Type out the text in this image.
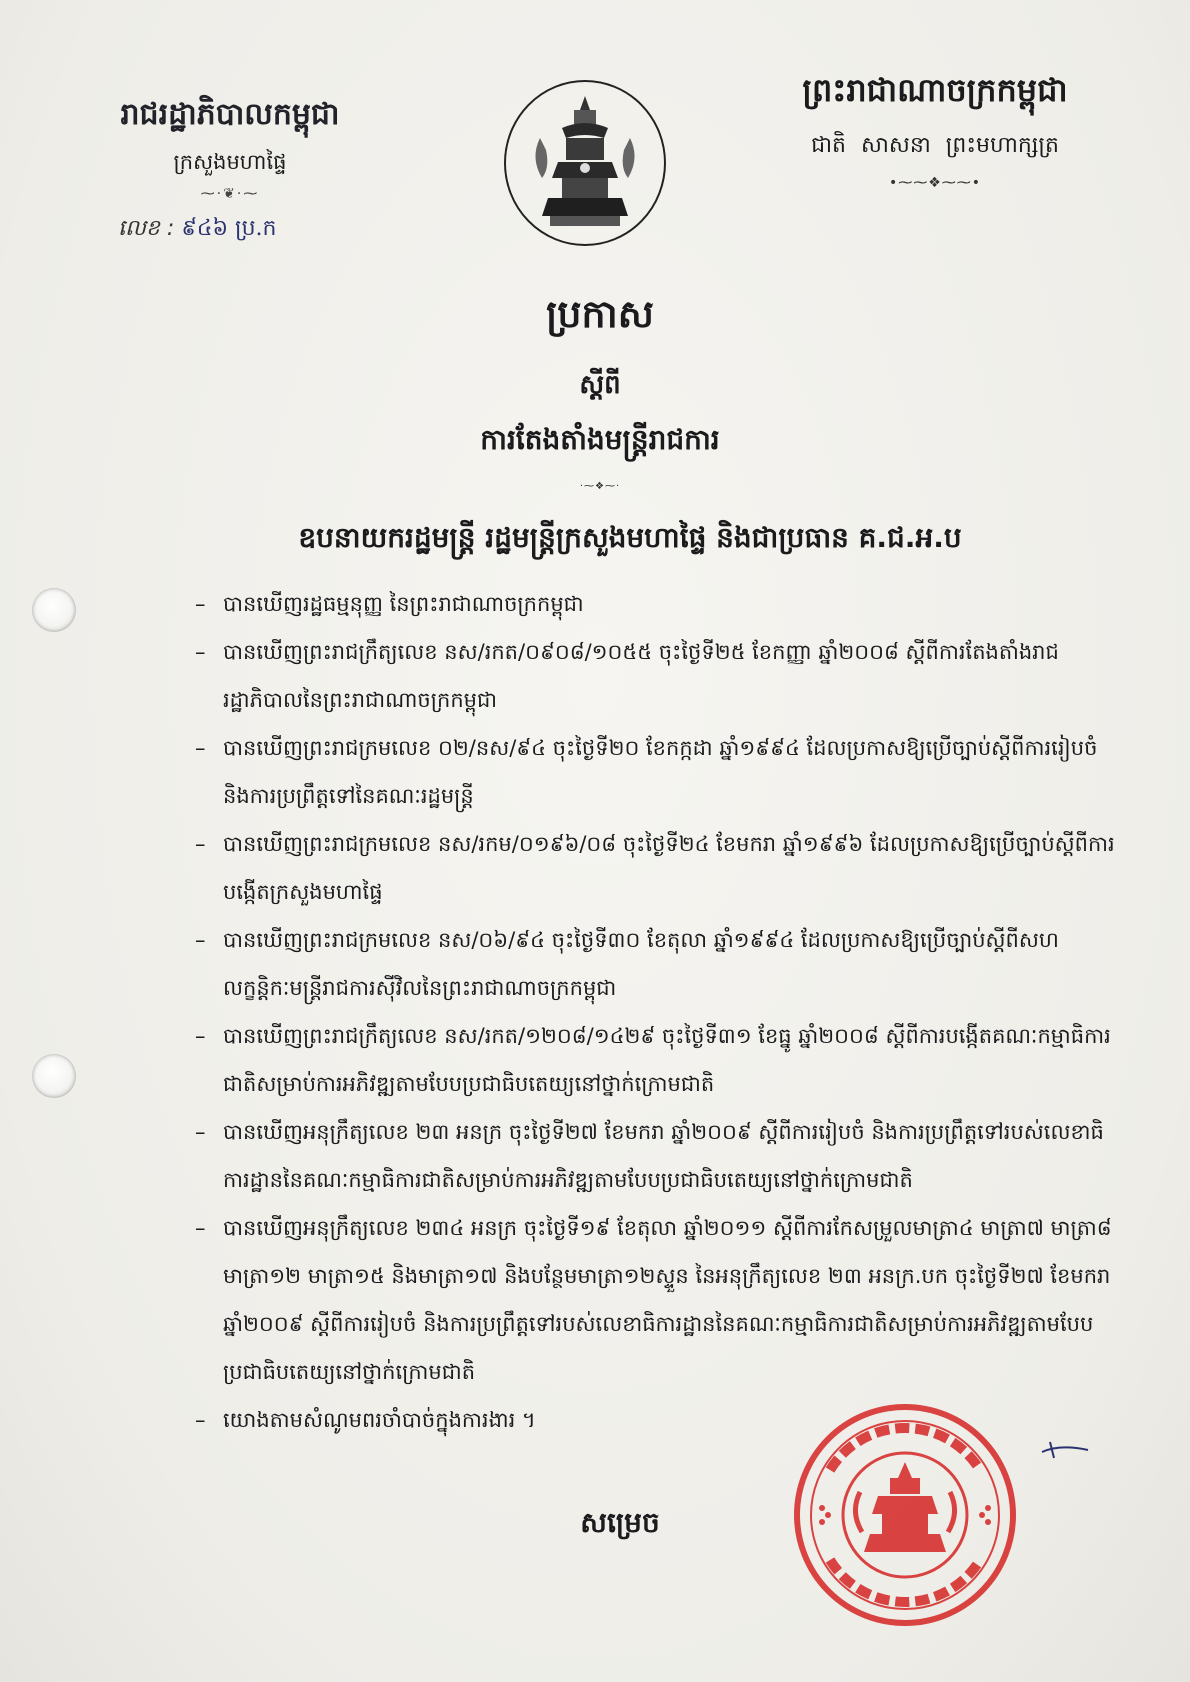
រាជរដ្ឋាភិបាលកម្ពុជា
ក្រសួងមហាផ្ទៃ
⁓·❦·⁓
លេខ : ៩៤៦ ប្រ.ក
ព្រះរាជាណាចក្រកម្ពុជា
ជាតិ សាសនា ព្រះមហាក្សត្រ
•⁓⁓❖⁓⁓•
ប្រកាស
ស្ដីពី
ការតែងតាំងមន្ត្រីរាជការ
·⁓❖⁓·
ឧបនាយករដ្ឋមន្ត្រី រដ្ឋមន្ត្រីក្រសួងមហាផ្ទៃ និងជាប្រធាន គ.ជ.អ.ប
– បានឃើញរដ្ឋធម្មនុញ្ញ នៃព្រះរាជាណាចក្រកម្ពុជា
– បានឃើញព្រះរាជក្រឹត្យលេខ នស/រកត/០៩០៨/១០៥៥ ចុះថ្ងៃទី២៥ ខែកញ្ញា ឆ្នាំ២០០៨ ស្ដីពីការតែងតាំងរាជរដ្ឋាភិបាលនៃព្រះរាជាណាចក្រកម្ពុជា
– បានឃើញព្រះរាជក្រមលេខ ០២/នស/៩៤ ចុះថ្ងៃទី២០ ខែកក្កដា ឆ្នាំ១៩៩៤ ដែលប្រកាសឱ្យប្រើច្បាប់ស្ដីពីការរៀបចំ និងការប្រព្រឹត្តទៅនៃគណៈរដ្ឋមន្ត្រី
– បានឃើញព្រះរាជក្រមលេខ នស/រកម/០១៩៦/០៨ ចុះថ្ងៃទី២៤ ខែមករា ឆ្នាំ១៩៩៦ ដែលប្រកាសឱ្យប្រើច្បាប់ស្ដីពីការបង្កើតក្រសួងមហាផ្ទៃ
– បានឃើញព្រះរាជក្រមលេខ នស/០៦/៩៤ ចុះថ្ងៃទី៣០ ខែតុលា ឆ្នាំ១៩៩៤ ដែលប្រកាសឱ្យប្រើច្បាប់ស្ដីពីសហលក្ខន្តិកៈមន្ត្រីរាជការស៊ីវិលនៃព្រះរាជាណាចក្រកម្ពុជា
– បានឃើញព្រះរាជក្រឹត្យលេខ នស/រកត/១២០៨/១៤២៩ ចុះថ្ងៃទី៣១ ខែធ្នូ ឆ្នាំ២០០៨ ស្ដីពីការបង្កើតគណៈកម្មាធិការជាតិសម្រាប់ការអភិវឌ្ឍតាមបែបប្រជាធិបតេយ្យនៅថ្នាក់ក្រោមជាតិ
– បានឃើញអនុក្រឹត្យលេខ ២៣ អនក្រ ចុះថ្ងៃទី២៧ ខែមករា ឆ្នាំ២០០៩ ស្ដីពីការរៀបចំ និងការប្រព្រឹត្តទៅរបស់លេខាធិការដ្ឋាននៃគណៈកម្មាធិការជាតិសម្រាប់ការអភិវឌ្ឍតាមបែបប្រជាធិបតេយ្យនៅថ្នាក់ក្រោមជាតិ
– បានឃើញអនុក្រឹត្យលេខ ២៣៤ អនក្រ ចុះថ្ងៃទី១៩ ខែតុលា ឆ្នាំ២០១១ ស្ដីពីការកែសម្រួលមាត្រា៤ មាត្រា៧ មាត្រា៨ មាត្រា១២ មាត្រា១៥ និងមាត្រា១៧ និងបន្ថែមមាត្រា១២ស្ទួន នៃអនុក្រឹត្យលេខ ២៣ អនក្រ.បក ចុះថ្ងៃទី២៧ ខែមករា ឆ្នាំ២០០៩ ស្ដីពីការរៀបចំ និងការប្រព្រឹត្តទៅរបស់លេខាធិការដ្ឋាននៃគណៈកម្មាធិការជាតិសម្រាប់ការអភិវឌ្ឍតាមបែបប្រជាធិបតេយ្យនៅថ្នាក់ក្រោមជាតិ
– យោងតាមសំណូមពរចាំបាច់ក្នុងការងារ ។
សម្រេច
